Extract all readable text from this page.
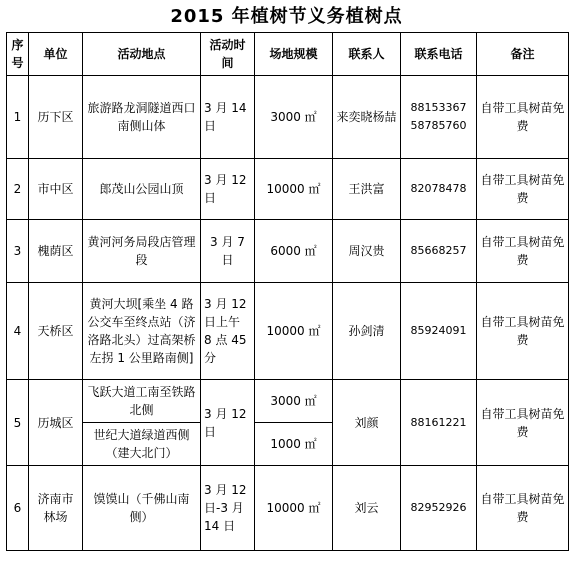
2015 年植树节义务植树点
序号	单位	活动地点	活动时间	场地规模	联系人	联系电话	备注
1	历下区	旅游路龙洞隧道西口南侧山体	3 月 14 日	3000 ㎡	来奕晓杨喆	88153367 58785760	自带工具树苗免费
2	市中区	郎茂山公园山顶	3 月 12 日	10000 ㎡	王洪富	82078478	自带工具树苗免费
3	槐荫区	黄河河务局段店管理段	3 月 7 日	6000 ㎡	周汉贵	85668257	自带工具树苗免费
4	天桥区	黄河大坝[乘坐 4 路公交车至终点站（济洛路北头）过高架桥左拐 1 公里路南侧]	3 月 12 日上午 8 点 45 分	10000 ㎡	孙剑清	85924091	自带工具树苗免费
5	历城区	飞跃大道工南至铁路北侧	3 月 12 日	3000 ㎡	刘颜	88161221	自带工具树苗免费
		世纪大道绿道西侧（建大北门）		1000 ㎡			
6	济南市林场	馍馍山（千佛山南侧）	3 月 12 日-3 月 14 日	10000 ㎡	刘云	82952926	自带工具树苗免费
